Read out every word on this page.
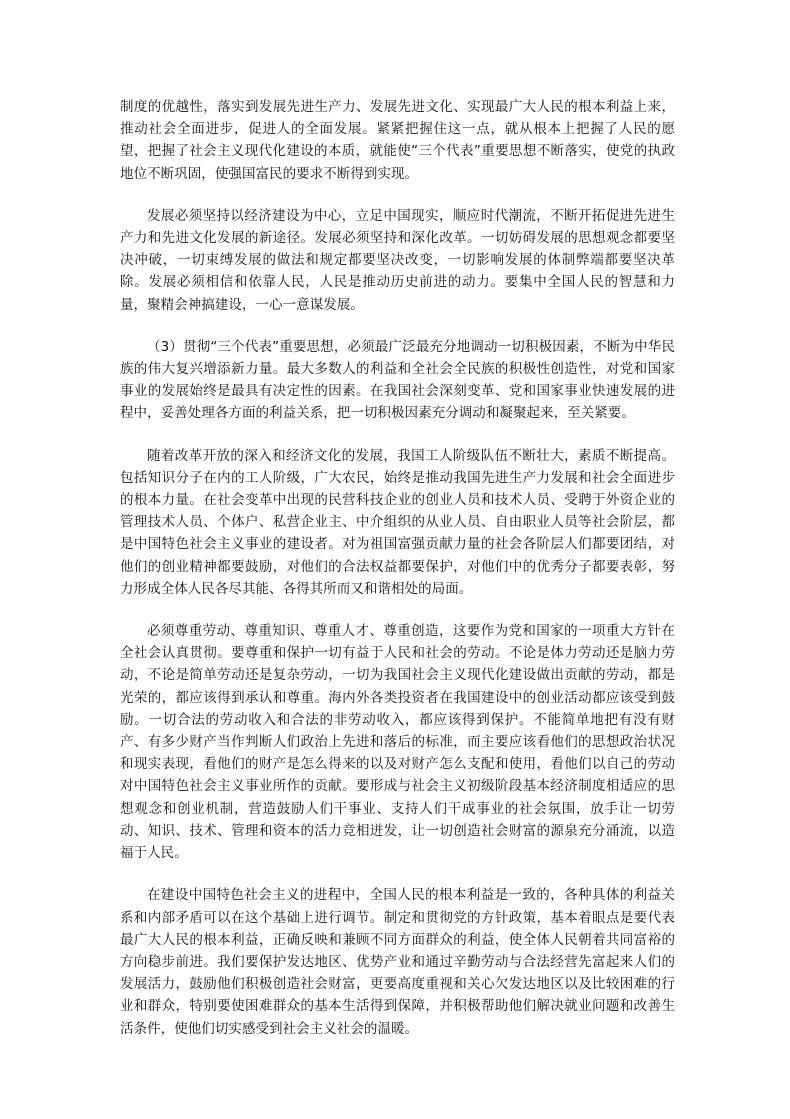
制度的优越性，落实到发展先进生产力、发展先进文化、实现最广大人民的根本利益上来，推动社会全面进步，促进人的全面发展。紧紧把握住这一点，就从根本上把握了人民的愿望，把握了社会主义现代化建设的本质，就能使“三个代表”重要思想不断落实，使党的执政地位不断巩固，使强国富民的要求不断得到实现。

发展必须坚持以经济建设为中心，立足中国现实，顺应时代潮流，不断开拓促进先进生产力和先进文化发展的新途径。发展必须坚持和深化改革。一切妨碍发展的思想观念都要坚决冲破，一切束缚发展的做法和规定都要坚决改变，一切影响发展的体制弊端都要坚决革除。发展必须相信和依靠人民，人民是推动历史前进的动力。要集中全国人民的智慧和力量，聚精会神搞建设，一心一意谋发展。

（3）贯彻“三个代表”重要思想，必须最广泛最充分地调动一切积极因素，不断为中华民族的伟大复兴增添新力量。最大多数人的利益和全社会全民族的积极性创造性，对党和国家事业的发展始终是最具有决定性的因素。在我国社会深刻变革、党和国家事业快速发展的进程中，妥善处理各方面的利益关系，把一切积极因素充分调动和凝聚起来，至关紧要。

随着改革开放的深入和经济文化的发展，我国工人阶级队伍不断壮大，素质不断提高。包括知识分子在内的工人阶级，广大农民，始终是推动我国先进生产力发展和社会全面进步的根本力量。在社会变革中出现的民营科技企业的创业人员和技术人员、受聘于外资企业的管理技术人员、个体户、私营企业主、中介组织的从业人员、自由职业人员等社会阶层，都是中国特色社会主义事业的建设者。对为祖国富强贡献力量的社会各阶层人们都要团结，对他们的创业精神都要鼓励，对他们的合法权益都要保护，对他们中的优秀分子都要表彰，努力形成全体人民各尽其能、各得其所而又和谐相处的局面。

必须尊重劳动、尊重知识、尊重人才、尊重创造，这要作为党和国家的一项重大方针在全社会认真贯彻。要尊重和保护一切有益于人民和社会的劳动。不论是体力劳动还是脑力劳动，不论是简单劳动还是复杂劳动，一切为我国社会主义现代化建设做出贡献的劳动，都是光荣的，都应该得到承认和尊重。海内外各类投资者在我国建设中的创业活动都应该受到鼓励。一切合法的劳动收入和合法的非劳动收入，都应该得到保护。不能简单地把有没有财产、有多少财产当作判断人们政治上先进和落后的标准，而主要应该看他们的思想政治状况和现实表现，看他们的财产是怎么得来的以及对财产怎么支配和使用，看他们以自己的劳动对中国特色社会主义事业所作的贡献。要形成与社会主义初级阶段基本经济制度相适应的思想观念和创业机制，营造鼓励人们干事业、支持人们干成事业的社会氛围，放手让一切劳动、知识、技术、管理和资本的活力竞相迸发，让一切创造社会财富的源泉充分涌流，以造福于人民。

在建设中国特色社会主义的进程中，全国人民的根本利益是一致的，各种具体的利益关系和内部矛盾可以在这个基础上进行调节。制定和贯彻党的方针政策，基本着眼点是要代表最广大人民的根本利益，正确反映和兼顾不同方面群众的利益，使全体人民朝着共同富裕的方向稳步前进。我们要保护发达地区、优势产业和通过辛勤劳动与合法经营先富起来人们的发展活力，鼓励他们积极创造社会财富，更要高度重视和关心欠发达地区以及比较困难的行业和群众，特别要使困难群众的基本生活得到保障，并积极帮助他们解决就业问题和改善生活条件，使他们切实感受到社会主义社会的温暖。
